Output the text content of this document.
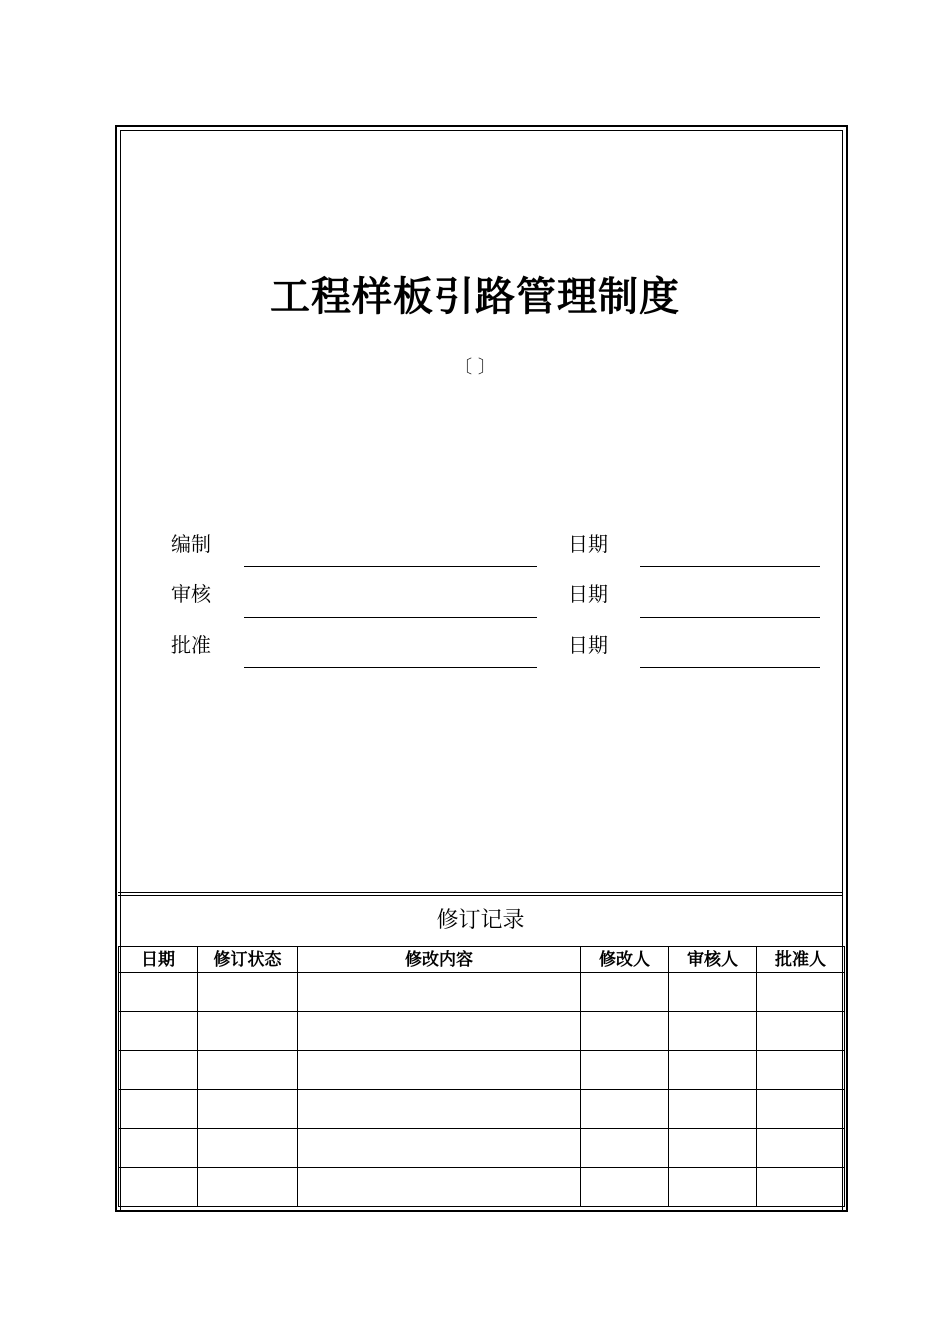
工程样板引路管理制度
〔 〕
编制	日期
审核	日期
批准	日期
修订记录
日期	修订状态	修改内容	修改人	审核人	批准人
